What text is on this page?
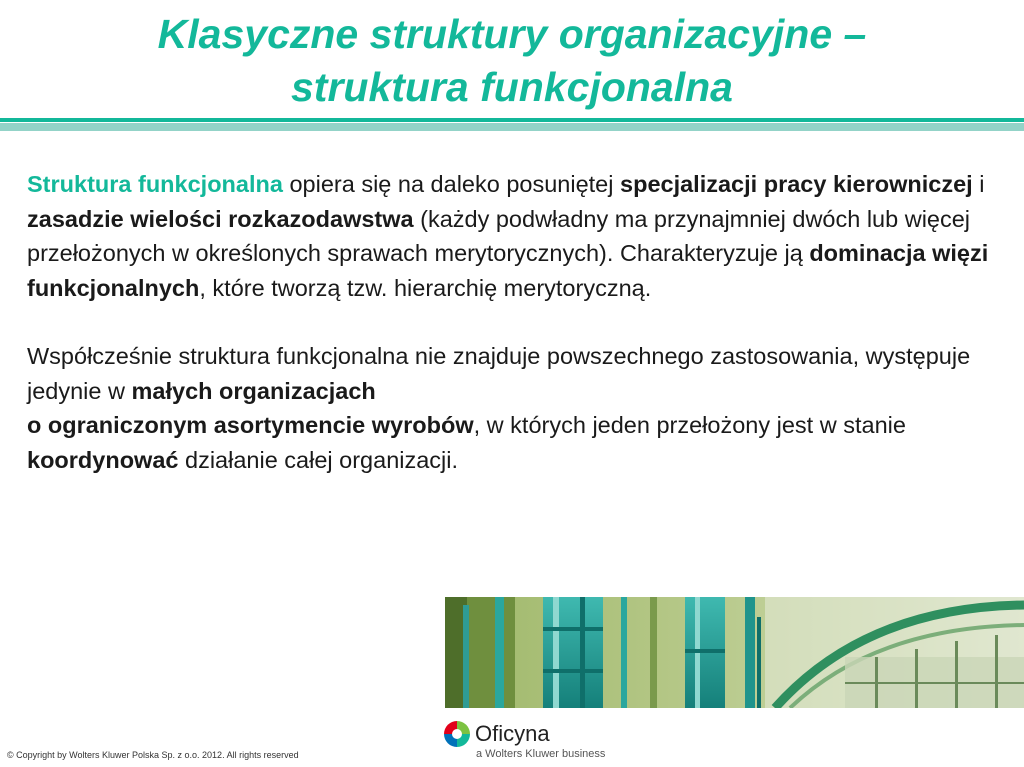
Klasyczne struktury organizacyjne –
struktura funkcjonalna

Struktura funkcjonalna opiera się na daleko posuniętej specjalizacji pracy kierowniczej i zasadzie wielości rozkazodawstwa (każdy podwładny ma przynajmniej dwóch lub więcej przełożonych w określonych sprawach merytorycznych). Charakteryzuje ją dominacja więzi funkcjonalnych, które tworzą tzw. hierarchię merytoryczną.

Współcześnie struktura funkcjonalna nie znajduje powszechnego zastosowania, występuje jedynie w małych organizacjach
o ograniczonym asortymencie wyrobów, w których jeden przełożony jest w stanie koordynować działanie całej organizacji.

Oficyna
a Wolters Kluwer business
© Copyright by Wolters Kluwer Polska Sp. z o.o. 2012. All rights reserved
